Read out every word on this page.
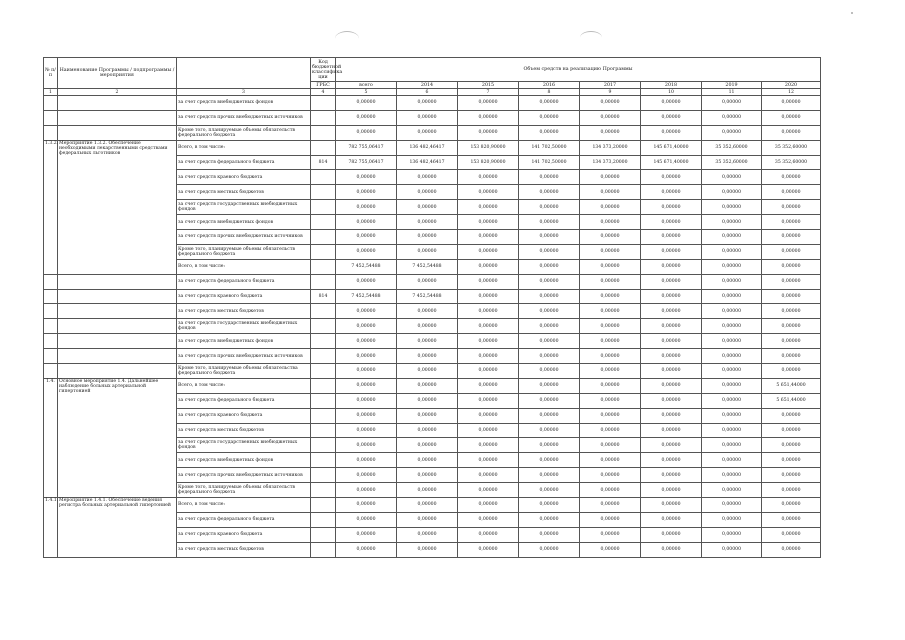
№ п/п	Наименование Программы / подпрограммы / мероприятия		Код бюджетной классифика ции	Объем средств на реализацию Программы							
			ГРБС	всего	2014	2015	2016	2017	2018	2019	2020
1	2	3	4	5	6	7	8	9	10	11	12
		за счет средств внебюджетных фондов		0,00000	0,00000	0,00000	0,00000	0,00000	0,00000	0,00000	0,00000
		за счет средств прочих внебюджетных источников		0,00000	0,00000	0,00000	0,00000	0,00000	0,00000	0,00000	0,00000
		Кроме того, планируемые объемы обязательств федерального бюджета		0,00000	0,00000	0,00000	0,00000	0,00000	0,00000	0,00000	0,00000
1.3.2.	Мероприятие 1.3.2. Обеспечение необходимыми лекарственными средствами федеральных льготников	Всего, в том числе:		782 755,06417	136 482,46417	153 820,90000	141 702,50000	134 373,20000	145 671,40000	35 352,60000	35 352,60000
		за счет средств федерального бюджета	814	782 755,06417	136 482,46417	153 820,90000	141 702,50000	134 373,20000	145 671,40000	35 352,60000	35 352,60000
		за счет средств краевого бюджета		0,00000	0,00000	0,00000	0,00000	0,00000	0,00000	0,00000	0,00000
		за счет средств местных бюджетов		0,00000	0,00000	0,00000	0,00000	0,00000	0,00000	0,00000	0,00000
		за счет средств государственных внебюджетных фондов		0,00000	0,00000	0,00000	0,00000	0,00000	0,00000	0,00000	0,00000
		за счет средств внебюджетных фондов		0,00000	0,00000	0,00000	0,00000	0,00000	0,00000	0,00000	0,00000
		за счет средств прочих внебюджетных источников		0,00000	0,00000	0,00000	0,00000	0,00000	0,00000	0,00000	0,00000
		Кроме того, планируемые объемы обязательств федерального бюджета		0,00000	0,00000	0,00000	0,00000	0,00000	0,00000	0,00000	0,00000
		Всего, в том числе:		7 452,54488	7 452,54488	0,00000	0,00000	0,00000	0,00000	0,00000	0,00000
		за счет средств федерального бюджета		0,00000	0,00000	0,00000	0,00000	0,00000	0,00000	0,00000	0,00000
		за счет средств краевого бюджета	814	7 452,54488	7 452,54488	0,00000	0,00000	0,00000	0,00000	0,00000	0,00000
		за счет средств местных бюджетов		0,00000	0,00000	0,00000	0,00000	0,00000	0,00000	0,00000	0,00000
		за счет средств государственных внебюджетных фондов		0,00000	0,00000	0,00000	0,00000	0,00000	0,00000	0,00000	0,00000
		за счет средств внебюджетных фондов		0,00000	0,00000	0,00000	0,00000	0,00000	0,00000	0,00000	0,00000
		за счет средств прочих внебюджетных источников		0,00000	0,00000	0,00000	0,00000	0,00000	0,00000	0,00000	0,00000
		Кроме того, планируемые объемы обязательства федерального бюджета		0,00000	0,00000	0,00000	0,00000	0,00000	0,00000	0,00000	0,00000
1.4.	Основное мероприятие 1.4. Дальнейшее наблюдение больных артериальной гипертонией	Всего, в том числе:		0,00000	0,00000	0,00000	0,00000	0,00000	0,00000	0,00000	5 651,44000
		за счет средств федерального бюджета		0,00000	0,00000	0,00000	0,00000	0,00000	0,00000	0,00000	5 651,44000
		за счет средств краевого бюджета		0,00000	0,00000	0,00000	0,00000	0,00000	0,00000	0,00000	0,00000
		за счет средств местных бюджетов		0,00000	0,00000	0,00000	0,00000	0,00000	0,00000	0,00000	0,00000
		за счет средств государственных внебюджетных фондов		0,00000	0,00000	0,00000	0,00000	0,00000	0,00000	0,00000	0,00000
		за счет средств внебюджетных фондов		0,00000	0,00000	0,00000	0,00000	0,00000	0,00000	0,00000	0,00000
		за счет средств прочих внебюджетных источников		0,00000	0,00000	0,00000	0,00000	0,00000	0,00000	0,00000	0,00000
		Кроме того, планируемые объемы обязательств федерального бюджета		0,00000	0,00000	0,00000	0,00000	0,00000	0,00000	0,00000	0,00000
1.4.1.	Мероприятие 1.4.1. Обеспечение ведения регистра больных артериальной гипертонией	Всего, в том числе:		0,00000	0,00000	0,00000	0,00000	0,00000	0,00000	0,00000	0,00000
		за счет средств федерального бюджета		0,00000	0,00000	0,00000	0,00000	0,00000	0,00000	0,00000	0,00000
		за счет средств краевого бюджета		0,00000	0,00000	0,00000	0,00000	0,00000	0,00000	0,00000	0,00000
		за счет средств местных бюджетов		0,00000	0,00000	0,00000	0,00000	0,00000	0,00000	0,00000	0,00000
